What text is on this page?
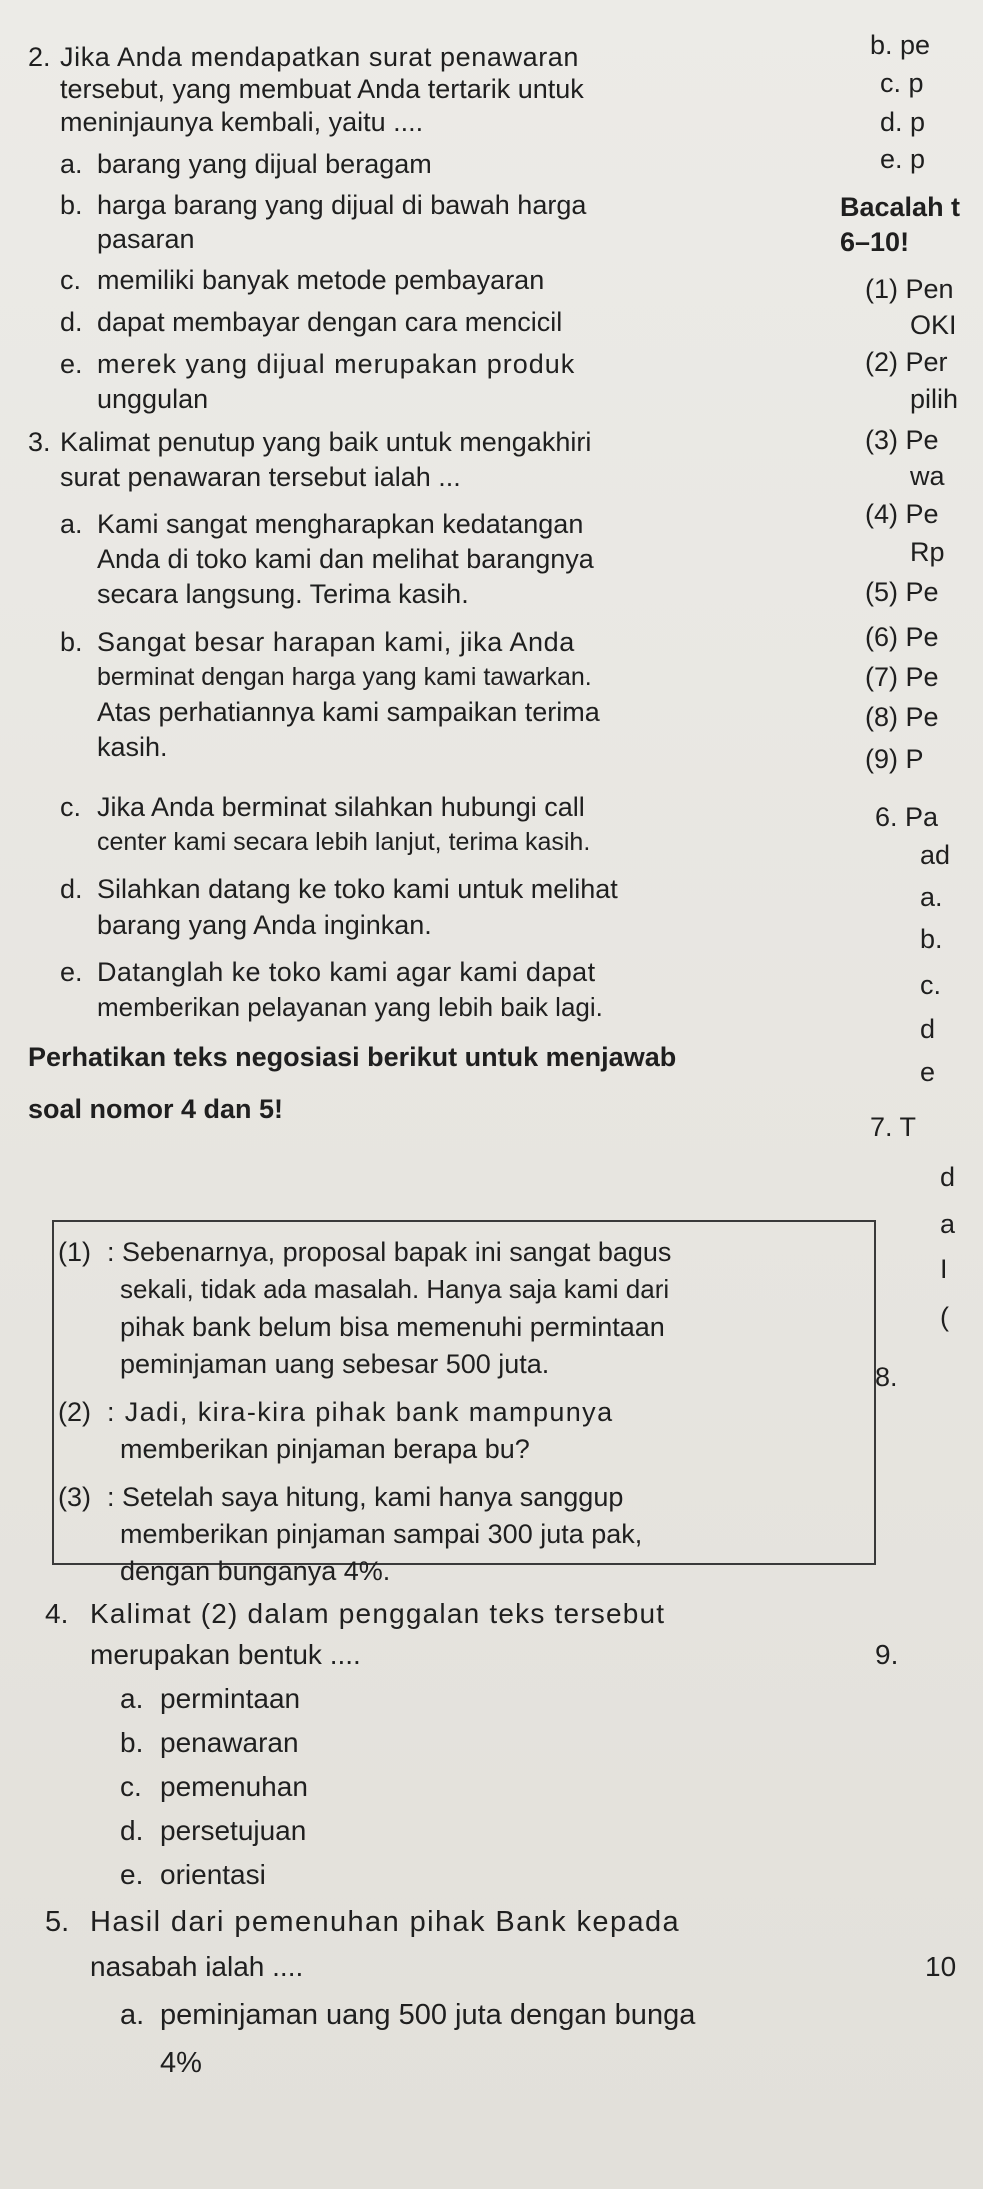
2. Jika Anda mendapatkan surat penawaran
tersebut, yang membuat Anda tertarik untuk
meninjaunya kembali, yaitu ....
a. barang yang dijual beragam
b. harga barang yang dijual di bawah harga
pasaran
c. memiliki banyak metode pembayaran
d. dapat membayar dengan cara mencicil
e. merek yang dijual merupakan produk
unggulan
3. Kalimat penutup yang baik untuk mengakhiri
surat penawaran tersebut ialah ...
a. Kami sangat mengharapkan kedatangan
Anda di toko kami dan melihat barangnya
secara langsung. Terima kasih.
b. Sangat besar harapan kami, jika Anda
berminat dengan harga yang kami tawarkan.
Atas perhatiannya kami sampaikan terima
kasih.
c. Jika Anda berminat silahkan hubungi call
center kami secara lebih lanjut, terima kasih.
d. Silahkan datang ke toko kami untuk melihat
barang yang Anda inginkan.
e. Datanglah ke toko kami agar kami dapat
memberikan pelayanan yang lebih baik lagi.
Perhatikan teks negosiasi berikut untuk menjawab
soal nomor 4 dan 5!
(1) : Sebenarnya, proposal bapak ini sangat bagus
sekali, tidak ada masalah. Hanya saja kami dari
pihak bank belum bisa memenuhi permintaan
peminjaman uang sebesar 500 juta.
(2) : Jadi, kira-kira pihak bank mampunya
memberikan pinjaman berapa bu?
(3) : Setelah saya hitung, kami hanya sanggup
memberikan pinjaman sampai 300 juta pak,
dengan bunganya 4%.
4. Kalimat (2) dalam penggalan teks tersebut
merupakan bentuk ....
a. permintaan
b. penawaran
c. pemenuhan
d. persetujuan
e. orientasi
5. Hasil dari pemenuhan pihak Bank kepada
nasabah ialah ....
a. peminjaman uang 500 juta dengan bunga
4%
b. pe
c. p
d. p
e. p
Bacalah t
6–10!
(1) Pen
OKI
(2) Per
pilih
(3) Pe
wa
(4) Pe
Rp
(5) Pe
(6) Pe
(7) Pe
(8) Pe
(9) P
6. Pa
ad
a.
b.
c.
d
e
7. T
d
a
I
(
8.
9.
10
